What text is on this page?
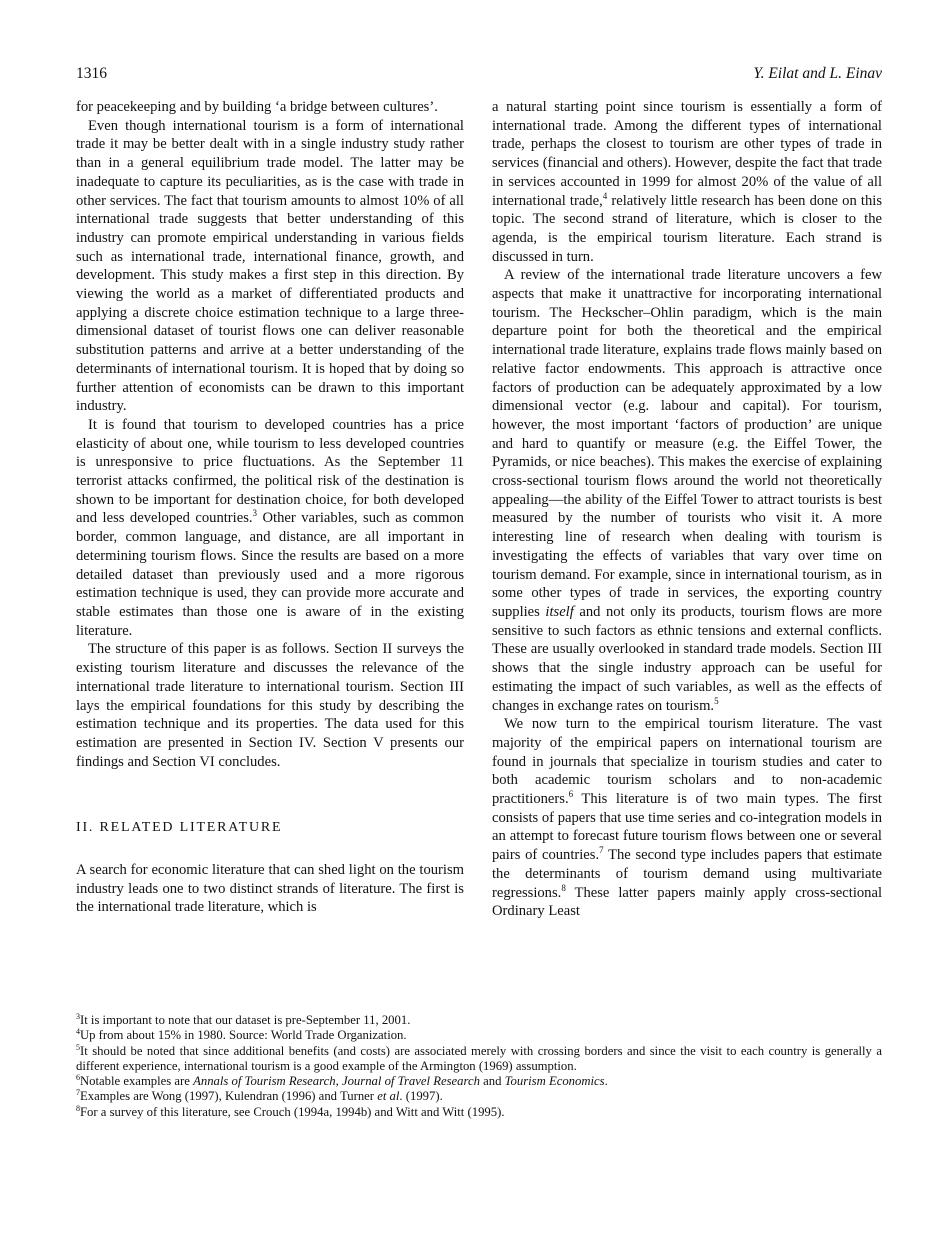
1316	Y. Eilat and L. Einav

for peacekeeping and by building ‘a bridge between cultures’.

Even though international tourism is a form of international trade it may be better dealt with in a single industry study rather than in a general equilibrium trade model. The latter may be inadequate to capture its peculiarities, as is the case with trade in other services. The fact that tourism amounts to almost 10% of all international trade suggests that better understanding of this industry can promote empirical understanding in various fields such as international trade, international finance, growth, and development. This study makes a first step in this direction. By viewing the world as a market of differentiated products and applying a discrete choice estimation technique to a large three-dimensional dataset of tourist flows one can deliver reasonable substitution patterns and arrive at a better understanding of the determinants of international tourism. It is hoped that by doing so further attention of economists can be drawn to this important industry.

It is found that tourism to developed countries has a price elasticity of about one, while tourism to less developed countries is unresponsive to price fluctuations. As the September 11 terrorist attacks confirmed, the political risk of the destination is shown to be important for destination choice, for both developed and less developed countries.$^3$ Other variables, such as common border, common language, and distance, are all important in determining tourism flows. Since the results are based on a more detailed dataset than previously used and a more rigorous estimation technique is used, they can provide more accurate and stable estimates than those one is aware of in the existing literature.

The structure of this paper is as follows. Section II surveys the existing tourism literature and discusses the relevance of the international trade literature to international tourism. Section III lays the empirical foundations for this study by describing the estimation technique and its properties. The data used for this estimation are presented in Section IV. Section V presents our findings and Section VI concludes.

II. RELATED LITERATURE

A search for economic literature that can shed light on the tourism industry leads one to two distinct strands of literature. The first is the international trade literature, which is

a natural starting point since tourism is essentially a form of international trade. Among the different types of international trade, perhaps the closest to tourism are other types of trade in services (financial and others). However, despite the fact that trade in services accounted in 1999 for almost 20% of the value of all international trade,$^4$ relatively little research has been done on this topic. The second strand of literature, which is closer to the agenda, is the empirical tourism literature. Each strand is discussed in turn.

A review of the international trade literature uncovers a few aspects that make it unattractive for incorporating international tourism. The Heckscher–Ohlin paradigm, which is the main departure point for both the theoretical and the empirical international trade literature, explains trade flows mainly based on relative factor endowments. This approach is attractive once factors of production can be adequately approximated by a low dimensional vector (e.g. labour and capital). For tourism, however, the most important ‘factors of production’ are unique and hard to quantify or measure (e.g. the Eiffel Tower, the Pyramids, or nice beaches). This makes the exercise of explaining cross-sectional tourism flows around the world not theoretically appealing—the ability of the Eiffel Tower to attract tourists is best measured by the number of tourists who visit it. A more interesting line of research when dealing with tourism is investigating the effects of variables that vary over time on tourism demand. For example, since in international tourism, as in some other types of trade in services, the exporting country supplies itself and not only its products, tourism flows are more sensitive to such factors as ethnic tensions and external conflicts. These are usually overlooked in standard trade models. Section III shows that the single industry approach can be useful for estimating the impact of such variables, as well as the effects of changes in exchange rates on tourism.$^5$

We now turn to the empirical tourism literature. The vast majority of the empirical papers on international tourism are found in journals that specialize in tourism studies and cater to both academic tourism scholars and to non-academic practitioners.$^6$ This literature is of two main types. The first consists of papers that use time series and co-integration models in an attempt to forecast future tourism flows between one or several pairs of countries.$^7$ The second type includes papers that estimate the determinants of tourism demand using multivariate regressions.$^8$ These latter papers mainly apply cross-sectional Ordinary Least

$^3$It is important to note that our dataset is pre-September 11, 2001.

$^4$Up from about 15% in 1980. Source: World Trade Organization.

$^5$It should be noted that since additional benefits (and costs) are associated merely with crossing borders and since the visit to each country is generally a different experience, international tourism is a good example of the Armington (1969) assumption.

$^6$Notable examples are Annals of Tourism Research, Journal of Travel Research and Tourism Economics.

$^7$Examples are Wong (1997), Kulendran (1996) and Turner et al. (1997).

$^8$For a survey of this literature, see Crouch (1994a, 1994b) and Witt and Witt (1995).
